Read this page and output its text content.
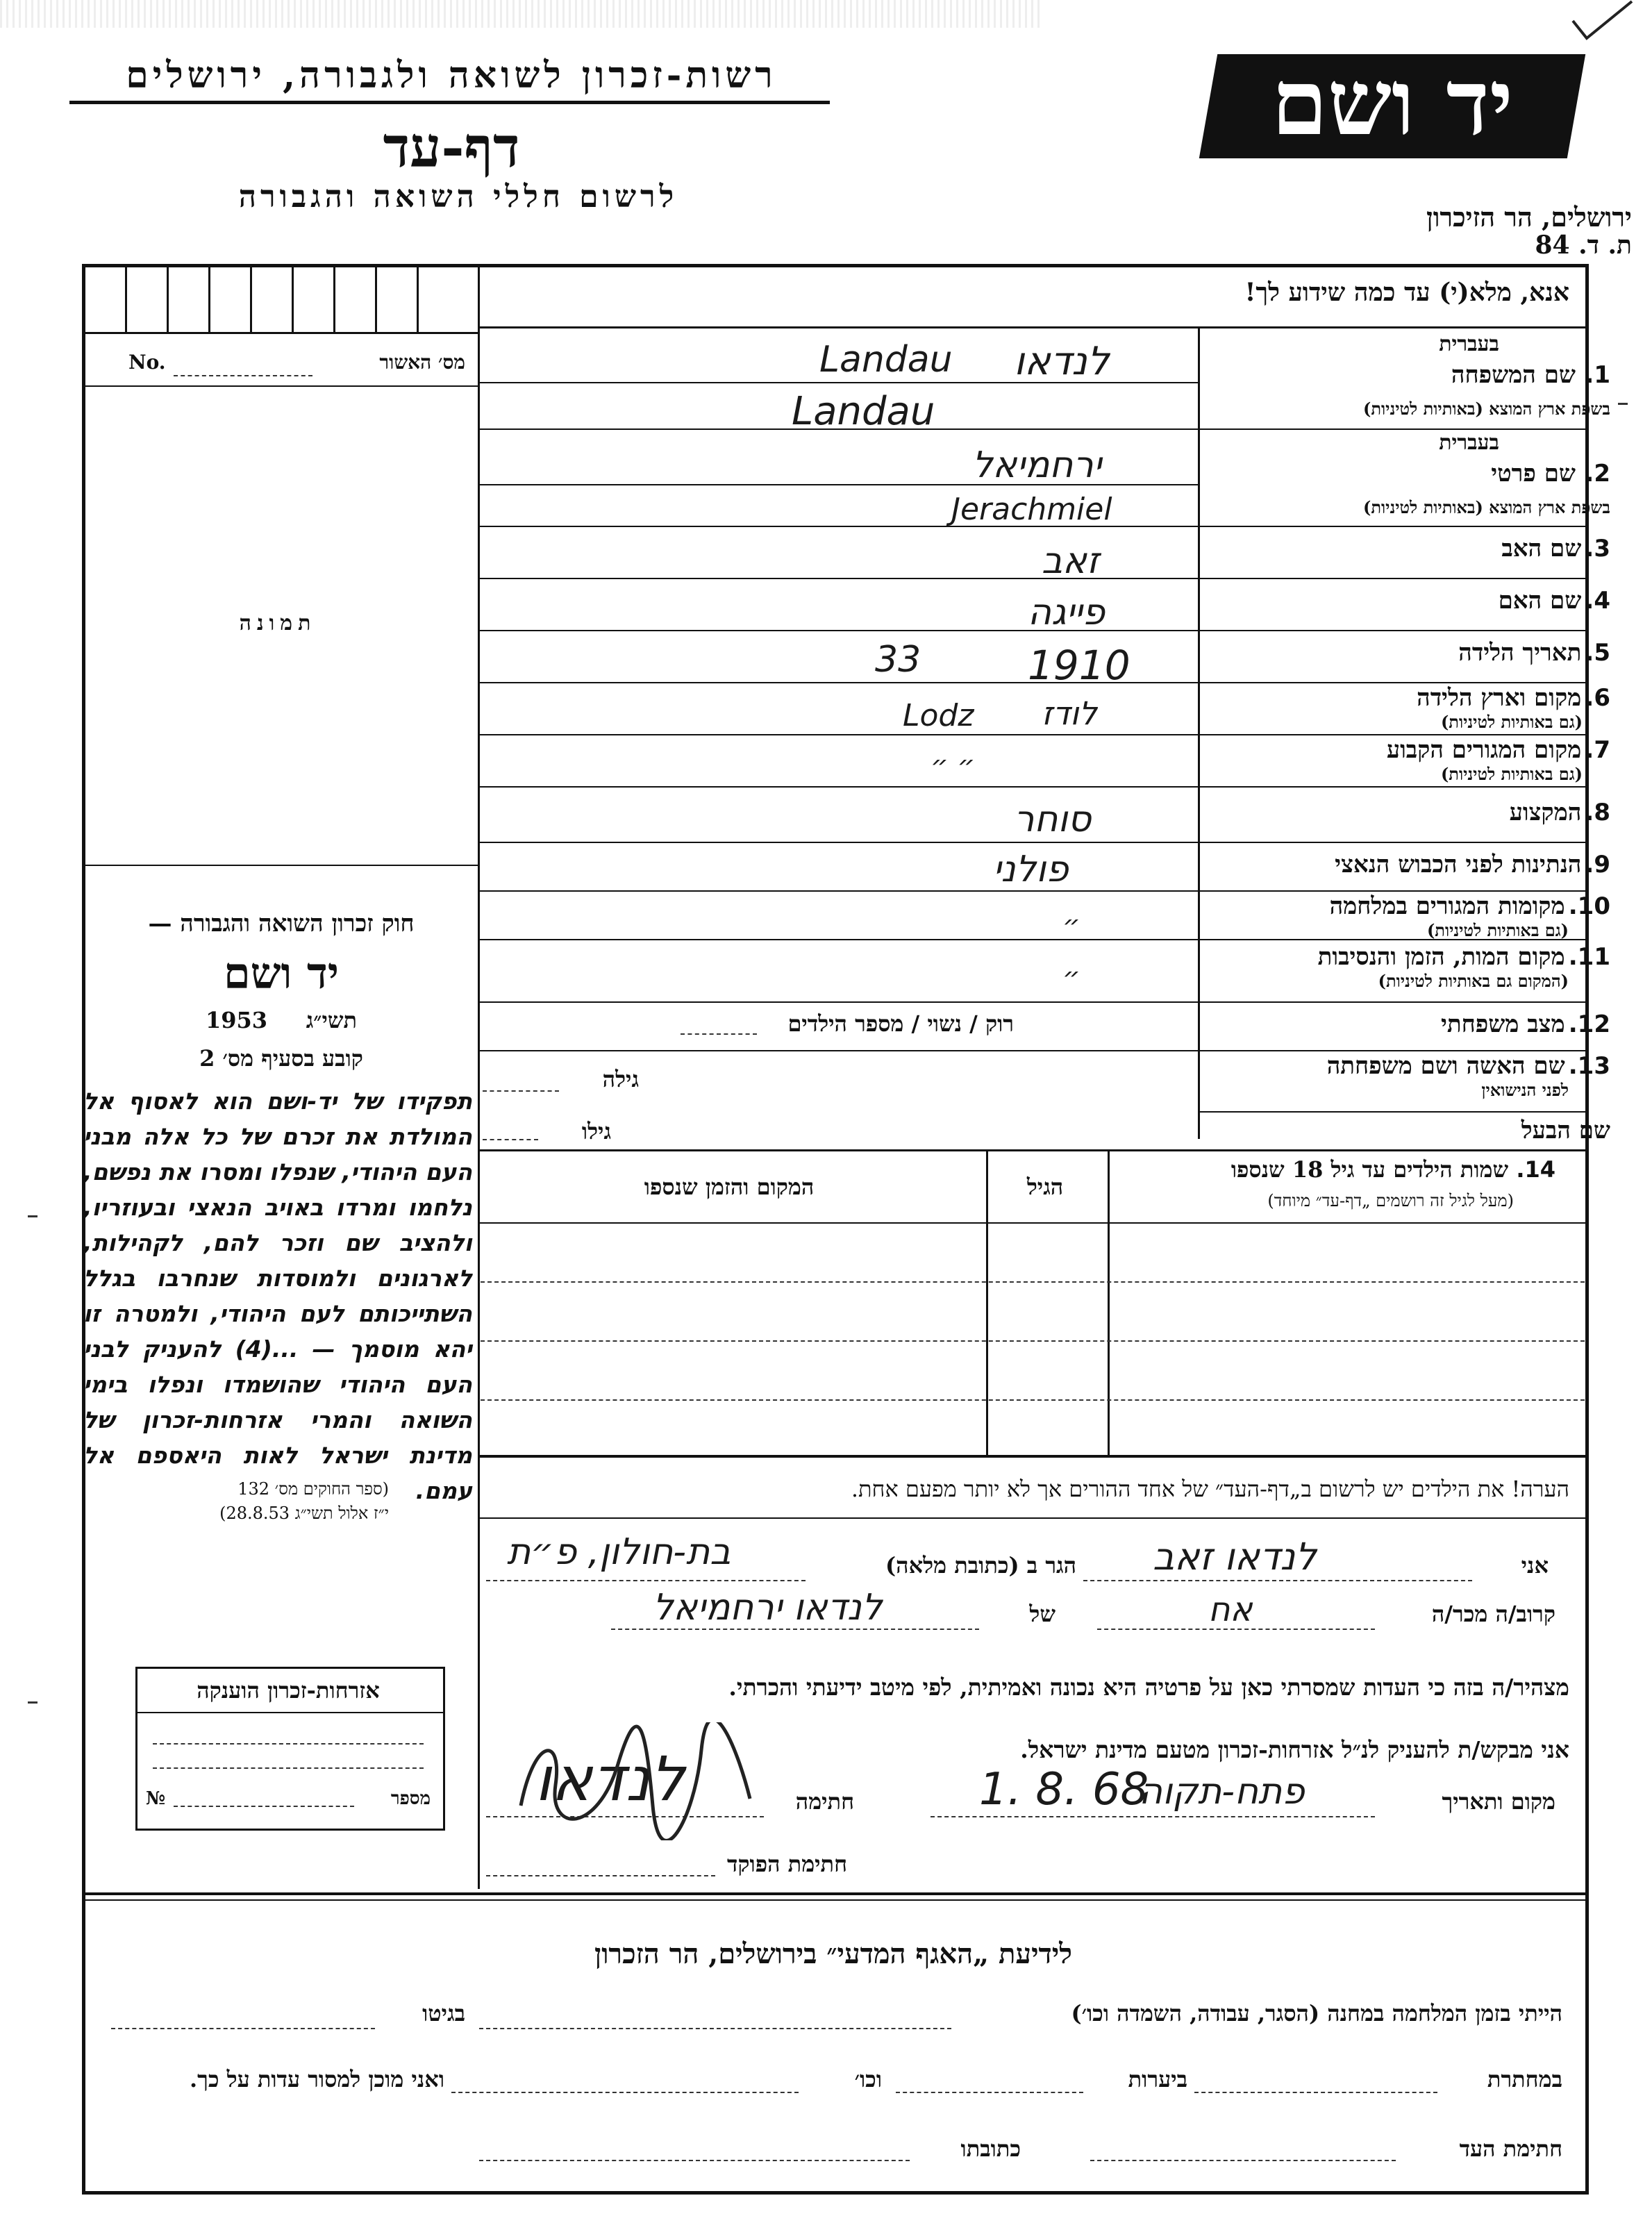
רשות-זכרון לשואה ולגבורה, ירושלים
דף-עד
לרשום חללי השואה והגבורה
יד ושם
ירושלים, הר הזיכרון
ת. ד. 84
מס׳ האשור
No.
תמונה
חוק זכרון השואה והגבורה —
יד ושם
תשי״ג     1953
קובע בסעיף מס׳ 2
תפקידו של יד-ושם הוא לאסוף אל המולדת את זכרם של כל אלה מבני העם היהודי, שנפלו ומסרו את נפשם, נלחמו ומרדו באויב הנאצי ובעוזריו, ולהציב שם וזכר להם, לקהילות, לארגונים ולמוסדות שנחרבו בגלל השתייכותם לעם היהודי, ולמטרה זו יהא מוסמך — ...(4) להעניק לבני העם היהודי שהושמדו ונפלו בימי השואה והמרי אזרחות-זכרון של מדינת ישראל לאות היאספם אל עמם.
(ספר החוקים מס׳ 132
י״ז אלול תשי״ג 28.8.53)
אזרחות-זכרון הוענקה
№	מספר
אנא, מלא(י) עד כמה שידוע לך!
בעברית
1.
שם המשפחה
בשפת ארץ המוצא (באותיות לטיניות)
בעברית
2.
שם פרטי
בשפת ארץ המוצא (באותיות לטיניות)
3. שם האב
4. שם האם
5. תאריך הלידה
6. מקום וארץ הלידה
(גם באותיות לטיניות)
7. מקום המגורים הקבוע
(גם באותיות לטיניות)
8. המקצוע
9. הנתינות לפני הכבוש הנאצי
10. מקומות המגורים במלחמה
(גם באותיות לטיניות)
11. מקום המות, הזמן והנסיבות
(המקום גם באותיות לטיניות)
12. מצב משפחתי
13. שם האשה ושם משפחתה
לפני הנישואין
שם הבעל
לנדאו
Landau
Landau
ירחמיאל
Jerachmiel
זאב
פייגה
1910
33
לודז
Lodz
״ ״
סוחר
פולני
״
״
רוק / נשוי / מספר הילדים
גילה
גילו
14. שמות הילדים עד גיל 18 שנספו
(מעל לגיל זה רושמים „דף-עד״ מיוחד)
הגיל
המקום והזמן שנספו
הערה! את הילדים יש לרשום ב„דף-העד״ של אחד ההורים אך לא יותר מפעם אחת.
אני
לנדאו זאב
הגר ב (כתובת מלאה)
בת-חולון, פ״ת
קרוב/ה מכר/ה
אח
של
לנדאו ירחמיאל
מצהיר/ה בזה כי העדות שמסרתי כאן על פרטיה היא נכונה ואמיתית, לפי מיטב ידיעתי והכרתי.
אני מבקש/ת להעניק לנ״ל אזרחות-זכרון מטעם מדינת ישראל.
מקום ותאריך
פתח-תקוה
1. 8. 68
חתימה
לנדאו
חתימת הפוקד
לידיעת „האגף המדעי״ בירושלים, הר הזכרון
הייתי בזמן המלחמה במחנה (הסגר, עבודה, השמדה וכו׳)
בגיטו
במחתרת
ביערות
וכו׳
ואני מוכן למסור עדות על כך.
חתימת העד
כתובתו
